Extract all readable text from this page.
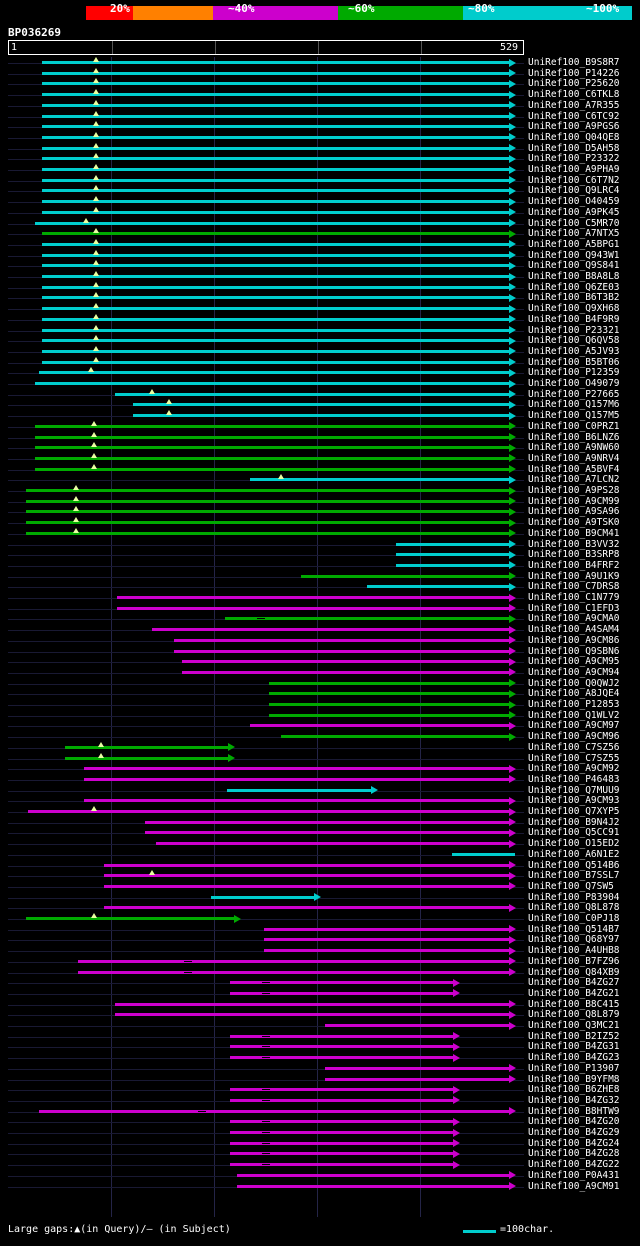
20%	~40%	~60%	~80%	~100%
BP036269
1	529
UniRef100_B9S8R7
UniRef100_P14226
UniRef100_P25620
UniRef100_C6TKL8
UniRef100_A7R355
UniRef100_C6TC92
UniRef100_A9PGS6
UniRef100_Q04QE8
UniRef100_D5AH58
UniRef100_P23322
UniRef100_A9PHA9
UniRef100_C6T7N2
UniRef100_Q9LRC4
UniRef100_O40459
UniRef100_A9PK45
UniRef100_C5MR70
UniRef100_A7NTX5
UniRef100_A5BPG1
UniRef100_Q943W1
UniRef100_Q9S841
UniRef100_B8A8L8
UniRef100_Q6ZE03
UniRef100_B6T3B2
UniRef100_Q9XH68
UniRef100_B4F9R9
UniRef100_P23321
UniRef100_Q6QV58
UniRef100_A5JV93
UniRef100_B5BT06
UniRef100_P12359
UniRef100_O49079
UniRef100_P27665
UniRef100_Q157M6
UniRef100_Q157M5
UniRef100_C0PRZ1
UniRef100_B6LNZ6
UniRef100_A9NW60
UniRef100_A9NRV4
UniRef100_A5BVF4
UniRef100_A7LCN2
UniRef100_A9PS28
UniRef100_A9CM99
UniRef100_A9SA96
UniRef100_A9TSK0
UniRef100_B9CM41
UniRef100_B3VV32
UniRef100_B3SRP8
UniRef100_B4FRF2
UniRef100_A9U1K9
UniRef100_C7DRS8
UniRef100_C1N779
UniRef100_C1EFD3
UniRef100_A9CMA0
UniRef100_A4SAM4
UniRef100_A9CM86
UniRef100_Q9SBN6
UniRef100_A9CM95
UniRef100_A9CM94
UniRef100_Q0QWJ2
UniRef100_A8JQE4
UniRef100_P12853
UniRef100_Q1WLV2
UniRef100_A9CM97
UniRef100_A9CM96
UniRef100_C7SZ56
UniRef100_C7SZ55
UniRef100_A9CM92
UniRef100_P46483
UniRef100_Q7MUU9
UniRef100_A9CM93
UniRef100_Q7XYP5
UniRef100_B9N4J2
UniRef100_Q5CC91
UniRef100_O15ED2
UniRef100_A6N1E2
UniRef100_Q514B6
UniRef100_B7SSL7
UniRef100_Q7SW5
UniRef100_P83904
UniRef100_Q8L878
UniRef100_C0PJ18
UniRef100_Q514B7
UniRef100_Q68Y97
UniRef100_A4UHB8
UniRef100_B7FZ96
UniRef100_Q84XB9
UniRef100_B4ZG27
UniRef100_B4ZG21
UniRef100_B8C415
UniRef100_Q8L879
UniRef100_Q3MC21
UniRef100_B2IZ52
UniRef100_B4ZG31
UniRef100_B4ZG23
UniRef100_P13907
UniRef100_B9YFM8
UniRef100_B6ZHE8
UniRef100_B4ZG32
UniRef100_B8HTW9
UniRef100_B4ZG20
UniRef100_B4ZG29
UniRef100_B4ZG24
UniRef100_B4ZG28
UniRef100_B4ZG22
UniRef100_P0A431
UniRef100_A9CM91
Large gaps:▲(in Query)/– (in Subject)	=100char.
